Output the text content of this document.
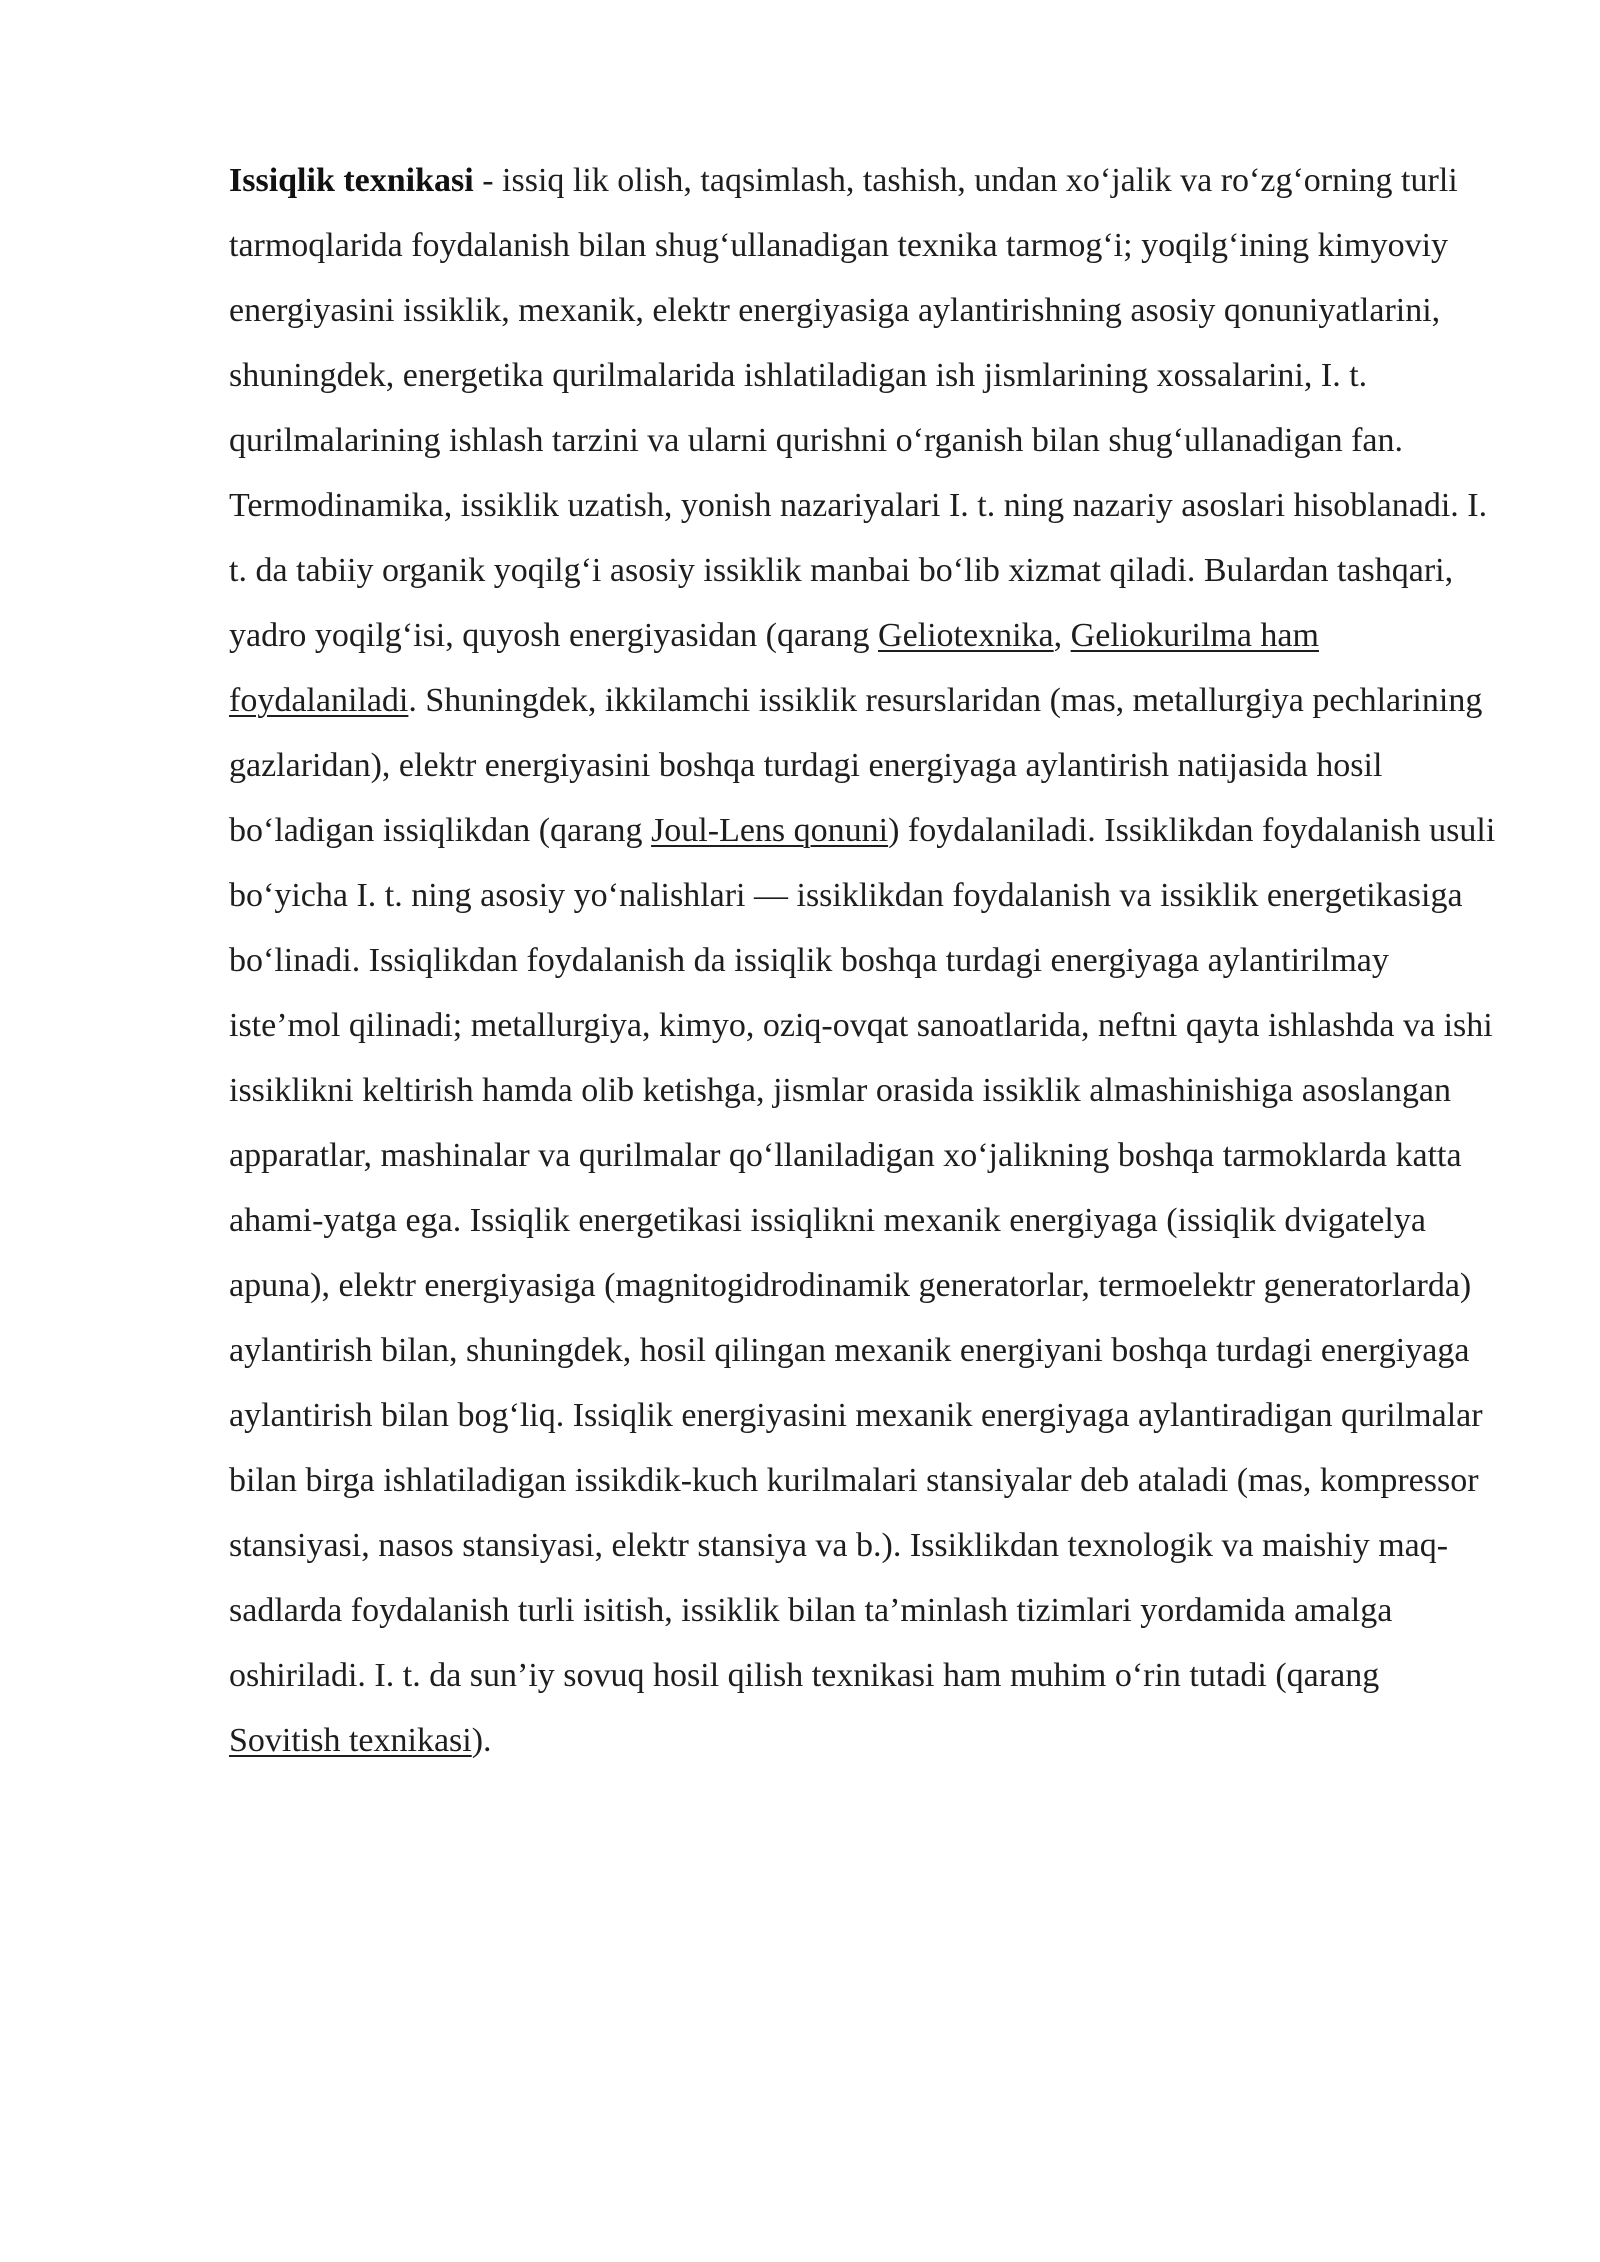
Issiqlik texnikasi - issiq lik olish, taqsimlash, tashish, undan xo‘jalik va ro‘zg‘orning turli tarmoqlarida foydalanish bilan shug‘ullanadigan texnika tarmog‘i; yoqilg‘ining kimyoviy energiyasini issiklik, mexanik, elektr energiyasiga aylantirishning asosiy qonuniyatlarini, shuningdek, energetika qurilmalarida ishlatiladigan ish jismlarining xossalarini, I. t. qurilmalarining ishlash tarzini va ularni qurishni o‘rganish bilan shug‘ullanadigan fan. Termodinamika, issiklik uzatish, yonish nazariyalari I. t. ning nazariy asoslari hisoblanadi. I. t. da tabiiy organik yoqilg‘i asosiy issiklik manbai bo‘lib xizmat qiladi. Bulardan tashqari, yadro yoqilg‘isi, quyosh energiyasidan (qarang Geliotexnika, Geliokurilma ham foydalaniladi. Shuningdek, ikkilamchi issiklik resurslaridan (mas, metallurgiya pechlarining gazlaridan), elektr energiyasini boshqa turdagi energiyaga aylantirish natijasida hosil bo‘ladigan issiqlikdan (qarang Joul-Lens qonuni) foydalaniladi. Issiklikdan foydalanish usuli bo‘yicha I. t. ning asosiy yo‘nalishlari — issiklikdan foydalanish va issiklik energetikasiga bo‘linadi. Issiqlikdan foydalanish da issiqlik boshqa turdagi energiyaga aylantirilmay iste’mol qilinadi; metallurgiya, kimyo, oziq-ovqat sanoatlarida, neftni qayta ishlashda va ishi issiklikni keltirish hamda olib ketishga, jismlar orasida issiklik almashinishiga asoslangan apparatlar, mashinalar va qurilmalar qo‘llaniladigan xo‘jalikning boshqa tarmoklarda katta ahami-yatga ega. Issiqlik energetikasi issiqlikni mexanik energiyaga (issiqlik dvigatelya apuna), elektr energiyasiga (magnitogidrodinamik generatorlar, termoelektr generatorlarda) aylantirish bilan, shuningdek, hosil qilingan mexanik energiyani boshqa turdagi energiyaga aylantirish bilan bog‘liq. Issiqlik energiyasini mexanik energiyaga aylantiradigan qurilmalar bilan birga ishlatiladigan issikdik-kuch kurilmalari stansiyalar deb ataladi (mas, kompressor stansiyasi, nasos stansiyasi, elektr stansiya va b.). Issiklikdan texnologik va maishiy maq-sadlarda foydalanish turli isitish, issiklik bilan ta’minlash tizimlari yordamida amalga oshiriladi. I. t. da sun’iy sovuq hosil qilish texnikasi ham muhim o‘rin tutadi (qarang Sovitish texnikasi).
